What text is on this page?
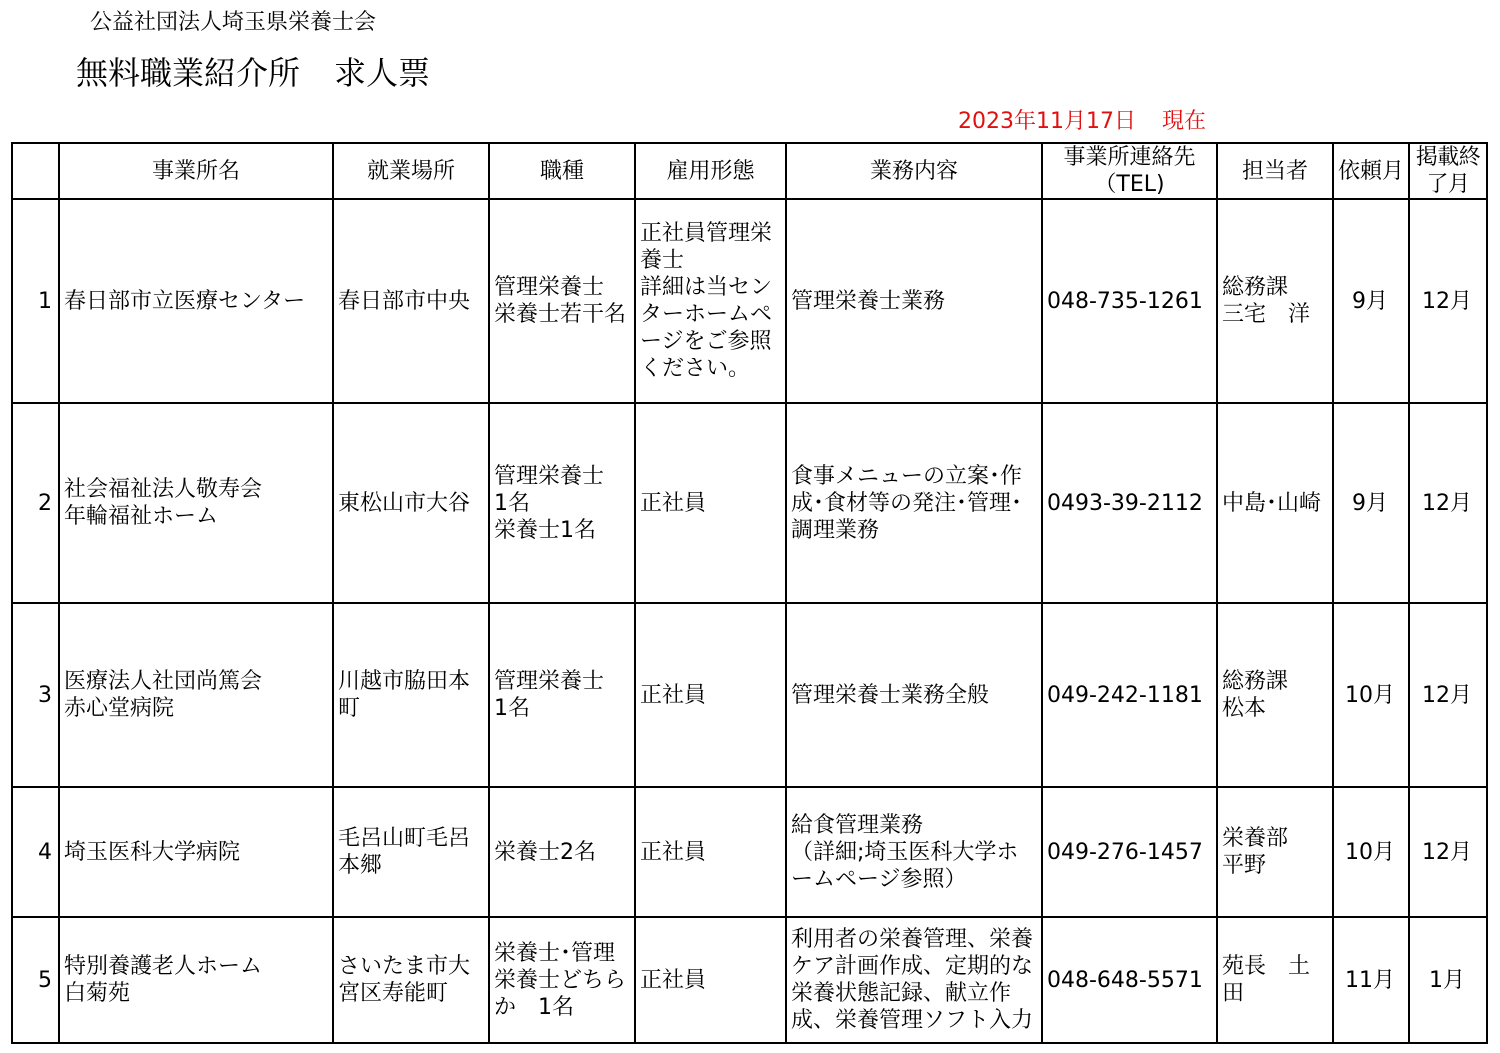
公益社団法人埼玉県栄養士会
無料職業紹介所 求人票
2023年11月17日 現在
	事業所名	就業場所	職種	雇用形態	業務内容	事業所連絡先（TEL)	担当者	依頼月	掲載終了月
1	春日部市立医療センター	春日部市中央	管理栄養士
栄養士若干名	正社員管理栄養士
詳細は当センターホームページをご参照ください。	管理栄養士業務	048-735-1261	総務課
三宅　洋	9月	12月
2	社会福祉法人敬寿会
年輪福祉ホーム	東松山市大谷	管理栄養士
1名
栄養士1名	正社員	食事メニューの立案･作成･食材等の発注･管理･調理業務	0493-39-2112	中島･山崎	9月	12月
3	医療法人社団尚篤会
赤心堂病院	川越市脇田本町	管理栄養士
1名	正社員	管理栄養士業務全般	049-242-1181	総務課
松本	10月	12月
4	埼玉医科大学病院	毛呂山町毛呂本郷	栄養士2名	正社員	給食管理業務
（詳細;埼玉医科大学ホームページ参照）	049-276-1457	栄養部
平野	10月	12月
5	特別養護老人ホーム
白菊苑	さいたま市大宮区寿能町	栄養士･管理栄養士どちらか　1名	正社員	利用者の栄養管理、栄養ケア計画作成、定期的な栄養状態記録、献立作成、栄養管理ソフト入力	048-648-5571	苑長　土田	11月	1月
